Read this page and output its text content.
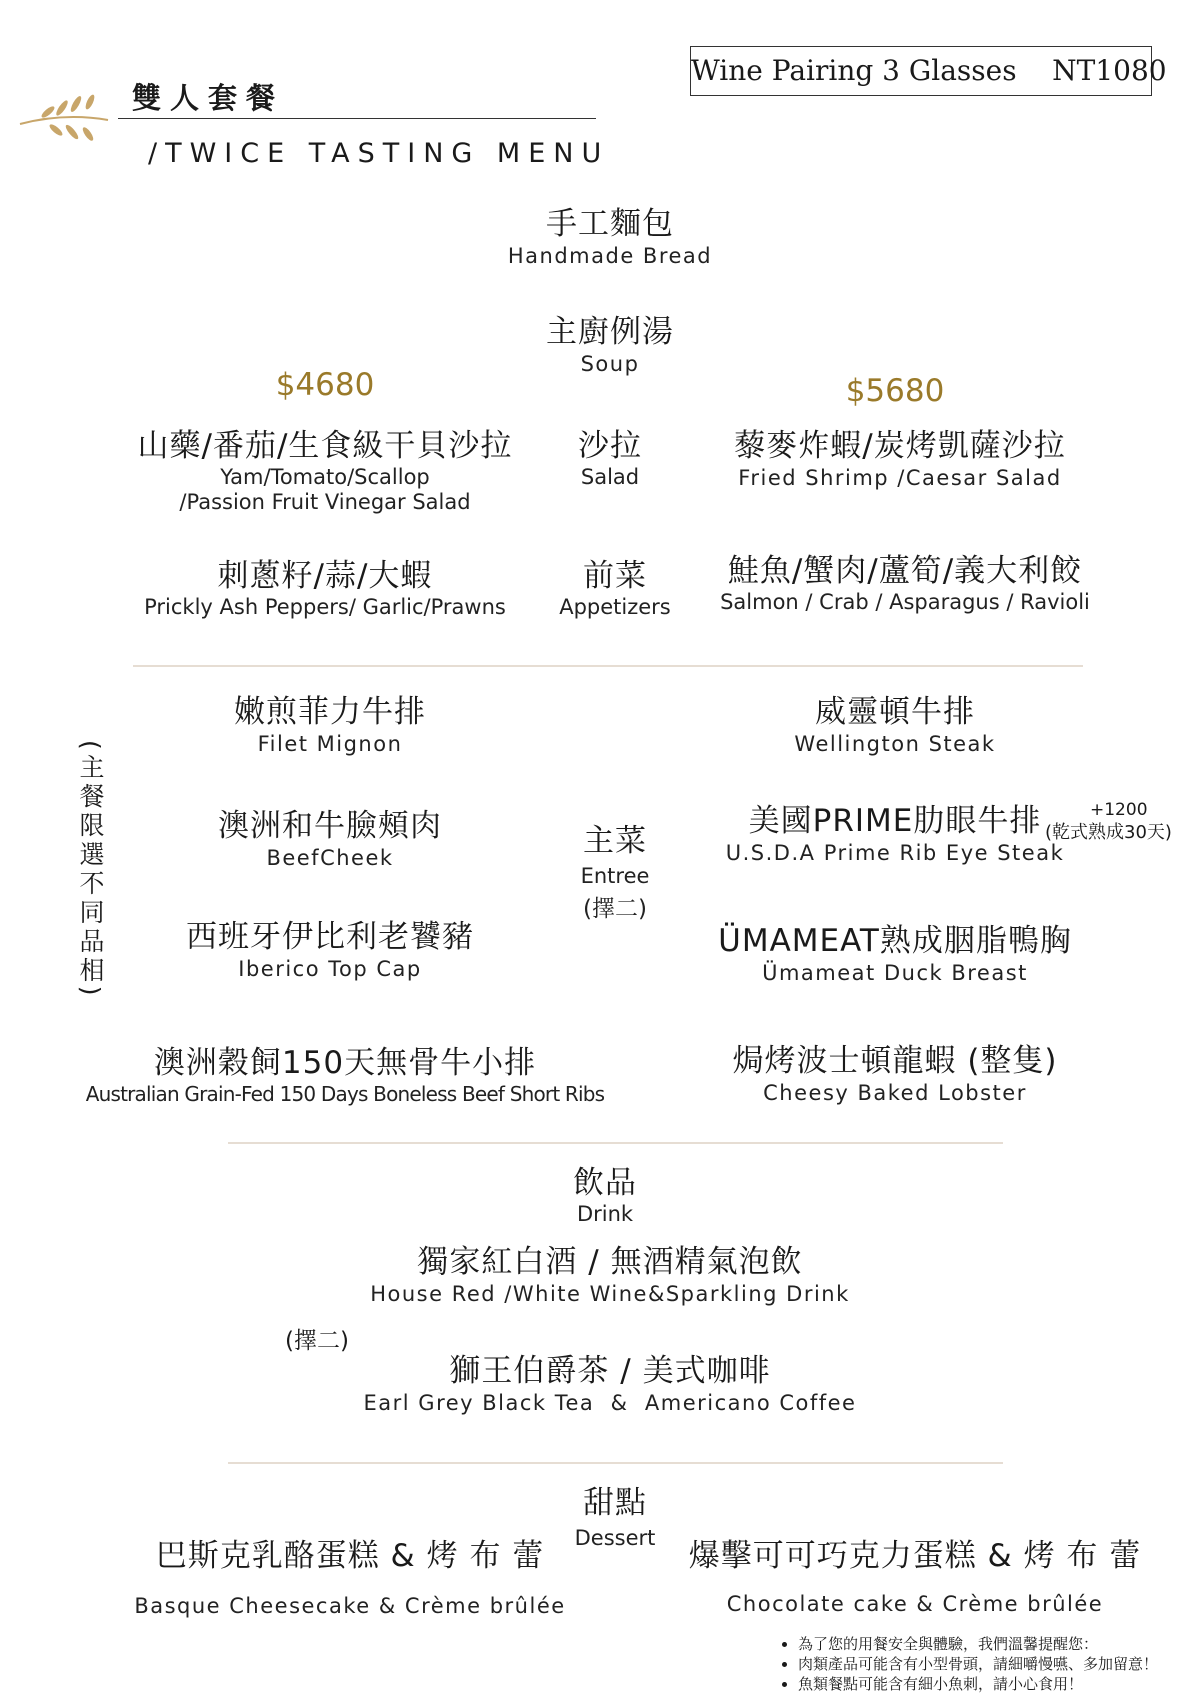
Wine Pairing 3 Glasses    NT1080
雙人套餐
/TWICE TASTING MENU
手工麵包
Handmade Bread
主廚例湯
Soup
$4680	$5680
山藥/番茄/生食級干貝沙拉
Yam/Tomato/Scallop
/Passion Fruit Vinegar Salad
沙拉
Salad
藜麥炸蝦/炭烤凱薩沙拉
Fried Shrimp /Caesar Salad
刺蔥籽/蒜/大蝦
Prickly Ash Peppers/ Garlic/Prawns
前菜
Appetizers
鮭魚/蟹肉/蘆筍/義大利餃
Salmon / Crab / Asparagus / Ravioli
(主餐限選不同品相)	主菜
Entree
(擇二)
嫩煎菲力牛排
Filet Mignon
澳洲和牛臉頰肉
BeefCheek
西班牙伊比利老饕豬
Iberico Top Cap
澳洲穀飼150天無骨牛小排
Australian Grain-Fed 150 Days Boneless Beef Short Ribs
威靈頓牛排
Wellington Steak
美國PRIME肋眼牛排
U.S.D.A Prime Rib Eye Steak
+1200
(乾式熟成30天)
ÜMAMEAT熟成胭脂鴨胸
Ümameat Duck Breast
焗烤波士頓龍蝦 (整隻)
Cheesy Baked Lobster
飲品
Drink
獨家紅白酒 / 無酒精氣泡飲
House Red /White Wine&Sparkling Drink
(擇二)
獅王伯爵茶 / 美式咖啡
Earl Grey Black Tea  &  Americano Coffee
甜點
Dessert
巴斯克乳酪蛋糕 & 烤 布 蕾
Basque Cheesecake & Crème brûlée
爆擊可可巧克力蛋糕 & 烤 布 蕾
Chocolate cake & Crème brûlée
• 為了您的用餐安全與體驗，我們溫馨提醒您：
• 肉類產品可能含有小型骨頭，請細嚼慢嚥、多加留意！
• 魚類餐點可能含有細小魚刺，請小心食用！
